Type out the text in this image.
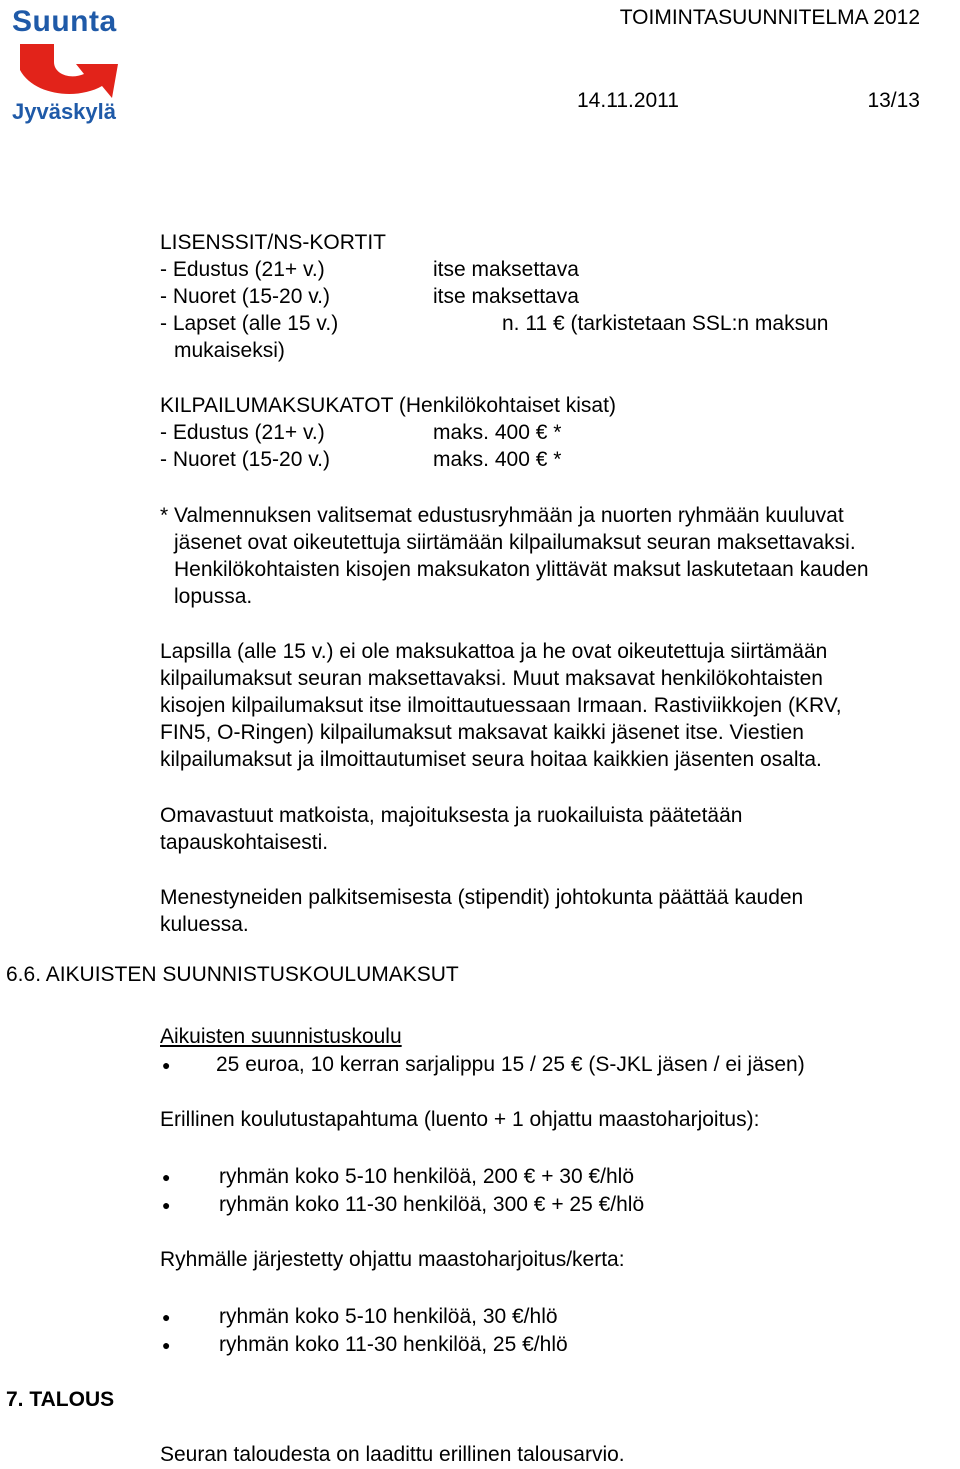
Suunta
Jyväskylä
TOIMINTASUUNNITELMA 2012
14.11.2011	13/13
LISENSSIT/NS-KORTIT
- Edustus (21+ v.)	itse maksettava
- Nuoret (15-20 v.)	itse maksettava
- Lapset (alle 15 v.)	n. 11 € (tarkistetaan SSL:n maksun
mukaiseksi)
KILPAILUMAKSUKATOT (Henkilökohtaiset kisat)
- Edustus (21+ v.)	maks. 400 € *
- Nuoret (15-20 v.)	maks. 400 € *
* Valmennuksen valitsemat edustusryhmään ja nuorten ryhmään kuuluvat
jäsenet ovat oikeutettuja siirtämään kilpailumaksut seuran maksettavaksi.
Henkilökohtaisten kisojen maksukaton ylittävät maksut laskutetaan kauden
lopussa.
Lapsilla (alle 15 v.) ei ole maksukattoa ja he ovat oikeutettuja siirtämään
kilpailumaksut seuran maksettavaksi. Muut maksavat henkilökohtaisten
kisojen kilpailumaksut itse ilmoittautuessaan Irmaan. Rastiviikkojen (KRV,
FIN5, O-Ringen) kilpailumaksut maksavat kaikki jäsenet itse. Viestien
kilpailumaksut ja ilmoittautumiset seura hoitaa kaikkien jäsenten osalta.
Omavastuut matkoista, majoituksesta ja ruokailuista päätetään
tapauskohtaisesti.
Menestyneiden palkitsemisesta (stipendit) johtokunta päättää kauden
kuluessa.
6.6. AIKUISTEN SUUNNISTUSKOULUMAKSUT
Aikuisten suunnistuskoulu
● 25 euroa, 10 kerran sarjalippu 15 / 25 € (S-JKL jäsen / ei jäsen)
Erillinen koulutustapahtuma (luento + 1 ohjattu maastoharjoitus):
● ryhmän koko 5-10 henkilöä, 200 € + 30 €/hlö
● ryhmän koko 11-30 henkilöä, 300 € + 25 €/hlö
Ryhmälle järjestetty ohjattu maastoharjoitus/kerta:
● ryhmän koko 5-10 henkilöä, 30 €/hlö
● ryhmän koko 11-30 henkilöä, 25 €/hlö
7. TALOUS
Seuran taloudesta on laadittu erillinen talousarvio.
